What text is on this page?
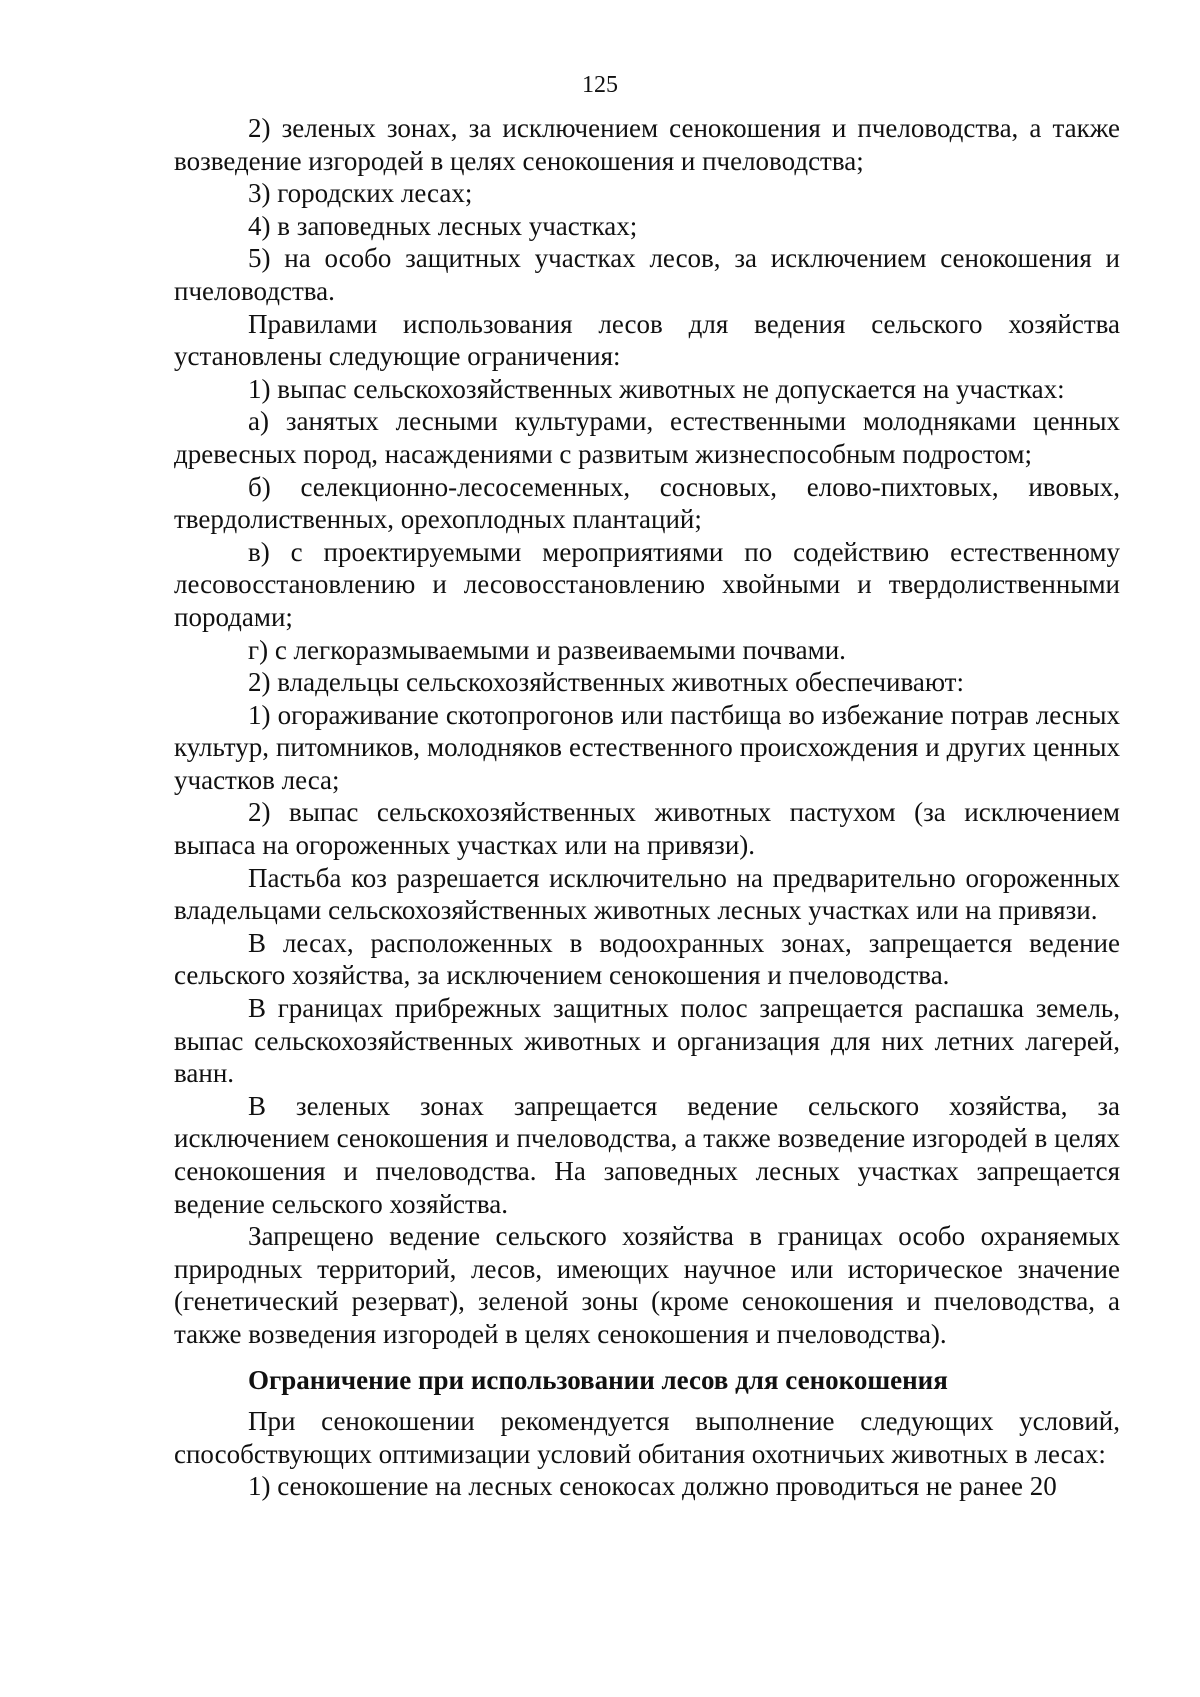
125

2) зеленых зонах, за исключением сенокошения и пчеловодства, а также возведение изгородей в целях сенокошения и пчеловодства;

3) городских лесах;

4) в заповедных лесных участках;

5) на особо защитных участках лесов, за исключением сенокошения и пчеловодства.

Правилами использования лесов для ведения сельского хозяйства установлены следующие ограничения:

1) выпас сельскохозяйственных животных не допускается на участках:

а) занятых лесными культурами, естественными молодняками ценных древесных пород, насаждениями с развитым жизнеспособным подростом;

б) селекционно-лесосеменных, сосновых, елово-пихтовых, ивовых, твердолиственных, орехоплодных плантаций;

в) с проектируемыми мероприятиями по содействию естественному лесовосстановлению и лесовосстановлению хвойными и твердолиственными породами;

г) с легкоразмываемыми и развеиваемыми почвами.

2) владельцы сельскохозяйственных животных обеспечивают:

1) огораживание скотопрогонов или пастбища во избежание потрав лесных культур, питомников, молодняков естественного происхождения и других ценных участков леса;

2) выпас сельскохозяйственных животных пастухом (за исключением выпаса на огороженных участках или на привязи).

Пастьба коз разрешается исключительно на предварительно огороженных владельцами сельскохозяйственных животных лесных участках или на привязи.

В лесах, расположенных в водоохранных зонах, запрещается ведение сельского хозяйства, за исключением сенокошения и пчеловодства.

В границах прибрежных защитных полос запрещается распашка земель, выпас сельскохозяйственных животных и организация для них летних лагерей, ванн.

В зеленых зонах запрещается ведение сельского хозяйства, за исключением сенокошения и пчеловодства, а также возведение изгородей в целях сенокошения и пчеловодства. На заповедных лесных участках запрещается ведение сельского хозяйства.

Запрещено ведение сельского хозяйства в границах особо охраняемых природных территорий, лесов, имеющих научное или историческое значение (генетический резерват), зеленой зоны (кроме сенокошения и пчеловодства, а также возведения изгородей в целях сенокошения и пчеловодства).

Ограничение при использовании лесов для сенокошения

При сенокошении рекомендуется выполнение следующих условий, способствующих оптимизации условий обитания охотничьих животных в лесах:

1) сенокошение на лесных сенокосах должно проводиться не ранее 20
